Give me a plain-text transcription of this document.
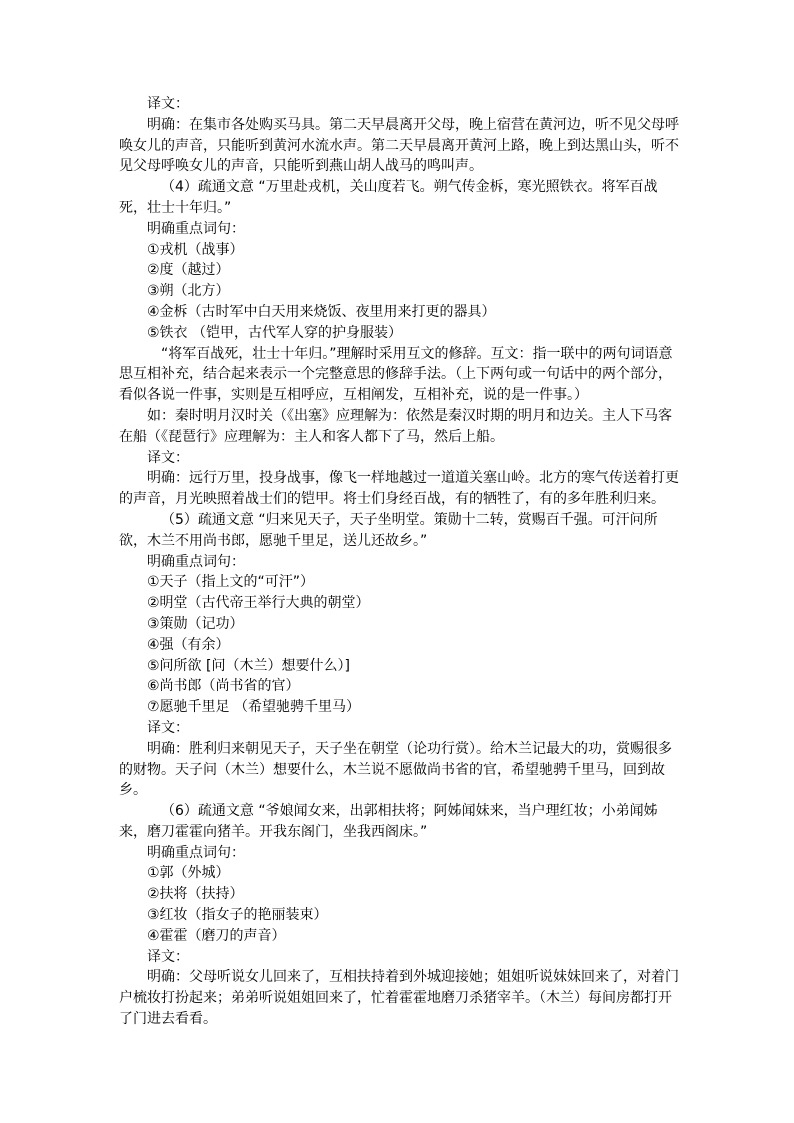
译文：

明确：在集市各处购买马具。第二天早晨离开父母，晚上宿营在黄河边，听不见父母呼唤女儿的声音，只能听到黄河水流水声。第二天早晨离开黄河上路，晚上到达黑山头，听不见父母呼唤女儿的声音，只能听到燕山胡人战马的鸣叫声。

（4）疏通文意 “万里赴戎机，关山度若飞。朔气传金柝，寒光照铁衣。将军百战死，壮士十年归。”

明确重点词句：

①戎机（战事）

②度（越过）

③朔（北方）

④金柝（古时军中白天用来烧饭、夜里用来打更的器具）

⑤铁衣 （铠甲，古代军人穿的护身服装）

“将军百战死，壮士十年归。”理解时采用互文的修辞。互文：指一联中的两句词语意思互相补充，结合起来表示一个完整意思的修辞手法。（上下两句或一句话中的两个部分，看似各说一件事，实则是互相呼应，互相阐发，互相补充，说的是一件事。）

如：秦时明月汉时关（《出塞》应理解为：依然是秦汉时期的明月和边关。主人下马客在船（《琵琶行》应理解为：主人和客人都下了马，然后上船。

译文：

明确：远行万里，投身战事，像飞一样地越过一道道关塞山岭。北方的寒气传送着打更的声音，月光映照着战士们的铠甲。将士们身经百战，有的牺牲了，有的多年胜利归来。

（5）疏通文意 “归来见天子，天子坐明堂。策勋十二转，赏赐百千强。可汗问所欲，木兰不用尚书郎，愿驰千里足，送儿还故乡。”

明确重点词句：

①天子（指上文的“可汗”）

②明堂（古代帝王举行大典的朝堂）

③策勋（记功）

④强（有余）

⑤问所欲 [问（木兰）想要什么）]

⑥尚书郎（尚书省的官）

⑦愿驰千里足 （希望驰骋千里马）

译文：

明确：胜利归来朝见天子，天子坐在朝堂（论功行赏）。给木兰记最大的功，赏赐很多的财物。天子问（木兰）想要什么，木兰说不愿做尚书省的官，希望驰骋千里马，回到故乡。

（6）疏通文意 “爷娘闻女来，出郭相扶将；阿姊闻妹来，当户理红妆；小弟闻姊来，磨刀霍霍向猪羊。开我东阁门，坐我西阁床。”

明确重点词句：

①郭（外城）

②扶将（扶持）

③红妆（指女子的艳丽装束）

④霍霍（磨刀的声音）

译文：

明确：父母听说女儿回来了，互相扶持着到外城迎接她；姐姐听说妹妹回来了，对着门户梳妆打扮起来；弟弟听说姐姐回来了，忙着霍霍地磨刀杀猪宰羊。（木兰）每间房都打开了门进去看看。
